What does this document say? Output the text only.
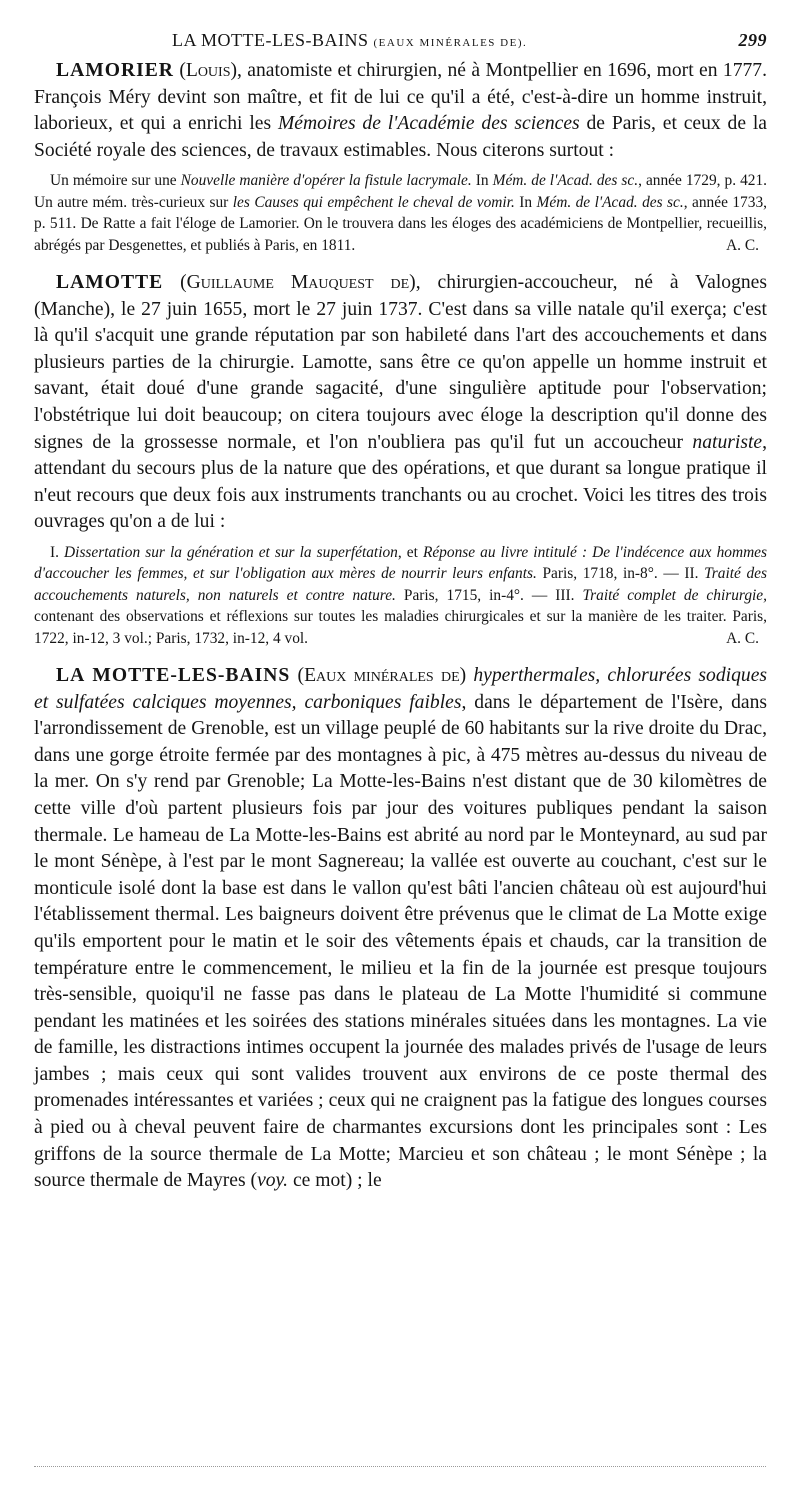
LA MOTTE-LES-BAINS (EAUX MINÉRALES DE).	299

LAMORIER (Louis), anatomiste et chirurgien, né à Montpellier en 1696, mort en 1777. François Méry devint son maître, et fit de lui ce qu'il a été, c'est-à-dire un homme instruit, laborieux, et qui a enrichi les Mémoires de l'Académie des sciences de Paris, et ceux de la Société royale des sciences, de travaux estimables. Nous citerons surtout :

Un mémoire sur une Nouvelle manière d'opérer la fistule lacrymale. In Mém. de l'Acad. des sc., année 1729, p. 421. Un autre mém. très-curieux sur les Causes qui empêchent le cheval de vomir. In Mém. de l'Acad. des sc., année 1733, p. 511. De Ratte a fait l'éloge de Lamorier. On le trouvera dans les éloges des académiciens de Montpellier, recueillis, abrégés par Desgenettes, et publiés à Paris, en 1811.	A. C.

LAMOTTE (Guillaume Mauquest de), chirurgien-accoucheur, né à Valognes (Manche), le 27 juin 1655, mort le 27 juin 1737. C'est dans sa ville natale qu'il exerça; c'est là qu'il s'acquit une grande réputation par son habileté dans l'art des accouchements et dans plusieurs parties de la chirurgie. Lamotte, sans être ce qu'on appelle un homme instruit et savant, était doué d'une grande sagacité, d'une singulière aptitude pour l'observation; l'obstétrique lui doit beaucoup; on citera toujours avec éloge la description qu'il donne des signes de la grossesse normale, et l'on n'oubliera pas qu'il fut un accoucheur naturiste, attendant du secours plus de la nature que des opérations, et que durant sa longue pratique il n'eut recours que deux fois aux instruments tranchants ou au crochet. Voici les titres des trois ouvrages qu'on a de lui :

I. Dissertation sur la génération et sur la superfétation, et Réponse au livre intitulé : De l'indécence aux hommes d'accoucher les femmes, et sur l'obligation aux mères de nourrir leurs enfants. Paris, 1718, in-8°. — II. Traité des accouchements naturels, non naturels et contre nature. Paris, 1715, in-4°. — III. Traité complet de chirurgie, contenant des observations et réflexions sur toutes les maladies chirurgicales et sur la manière de les traiter. Paris, 1722, in-12, 3 vol.; Paris, 1732, in-12, 4 vol.	A. C.

LA MOTTE-LES-BAINS (Eaux minérales de) hyperthermales, chlorurées sodiques et sulfatées calciques moyennes, carboniques faibles, dans le département de l'Isère, dans l'arrondissement de Grenoble, est un village peuplé de 60 habitants sur la rive droite du Drac, dans une gorge étroite fermée par des montagnes à pic, à 475 mètres au-dessus du niveau de la mer. On s'y rend par Grenoble; La Motte-les-Bains n'est distant que de 30 kilomètres de cette ville d'où partent plusieurs fois par jour des voitures publiques pendant la saison thermale. Le hameau de La Motte-les-Bains est abrité au nord par le Monteynard, au sud par le mont Sénèpe, à l'est par le mont Sagnereau; la vallée est ouverte au couchant, c'est sur le monticule isolé dont la base est dans le vallon qu'est bâti l'ancien château où est aujourd'hui l'établissement thermal. Les baigneurs doivent être prévenus que le climat de La Motte exige qu'ils emportent pour le matin et le soir des vêtements épais et chauds, car la transition de température entre le commencement, le milieu et la fin de la journée est presque toujours très-sensible, quoiqu'il ne fasse pas dans le plateau de La Motte l'humidité si commune pendant les matinées et les soirées des stations minérales situées dans les montagnes. La vie de famille, les distractions intimes occupent la journée des malades privés de l'usage de leurs jambes ; mais ceux qui sont valides trouvent aux environs de ce poste thermal des promenades intéressantes et variées ; ceux qui ne craignent pas la fatigue des longues courses à pied ou à cheval peuvent faire de charmantes excursions dont les principales sont : Les griffons de la source thermale de La Motte; Marcieu et son château ; le mont Sénèpe ; la source thermale de Mayres (voy. ce mot) ; le
